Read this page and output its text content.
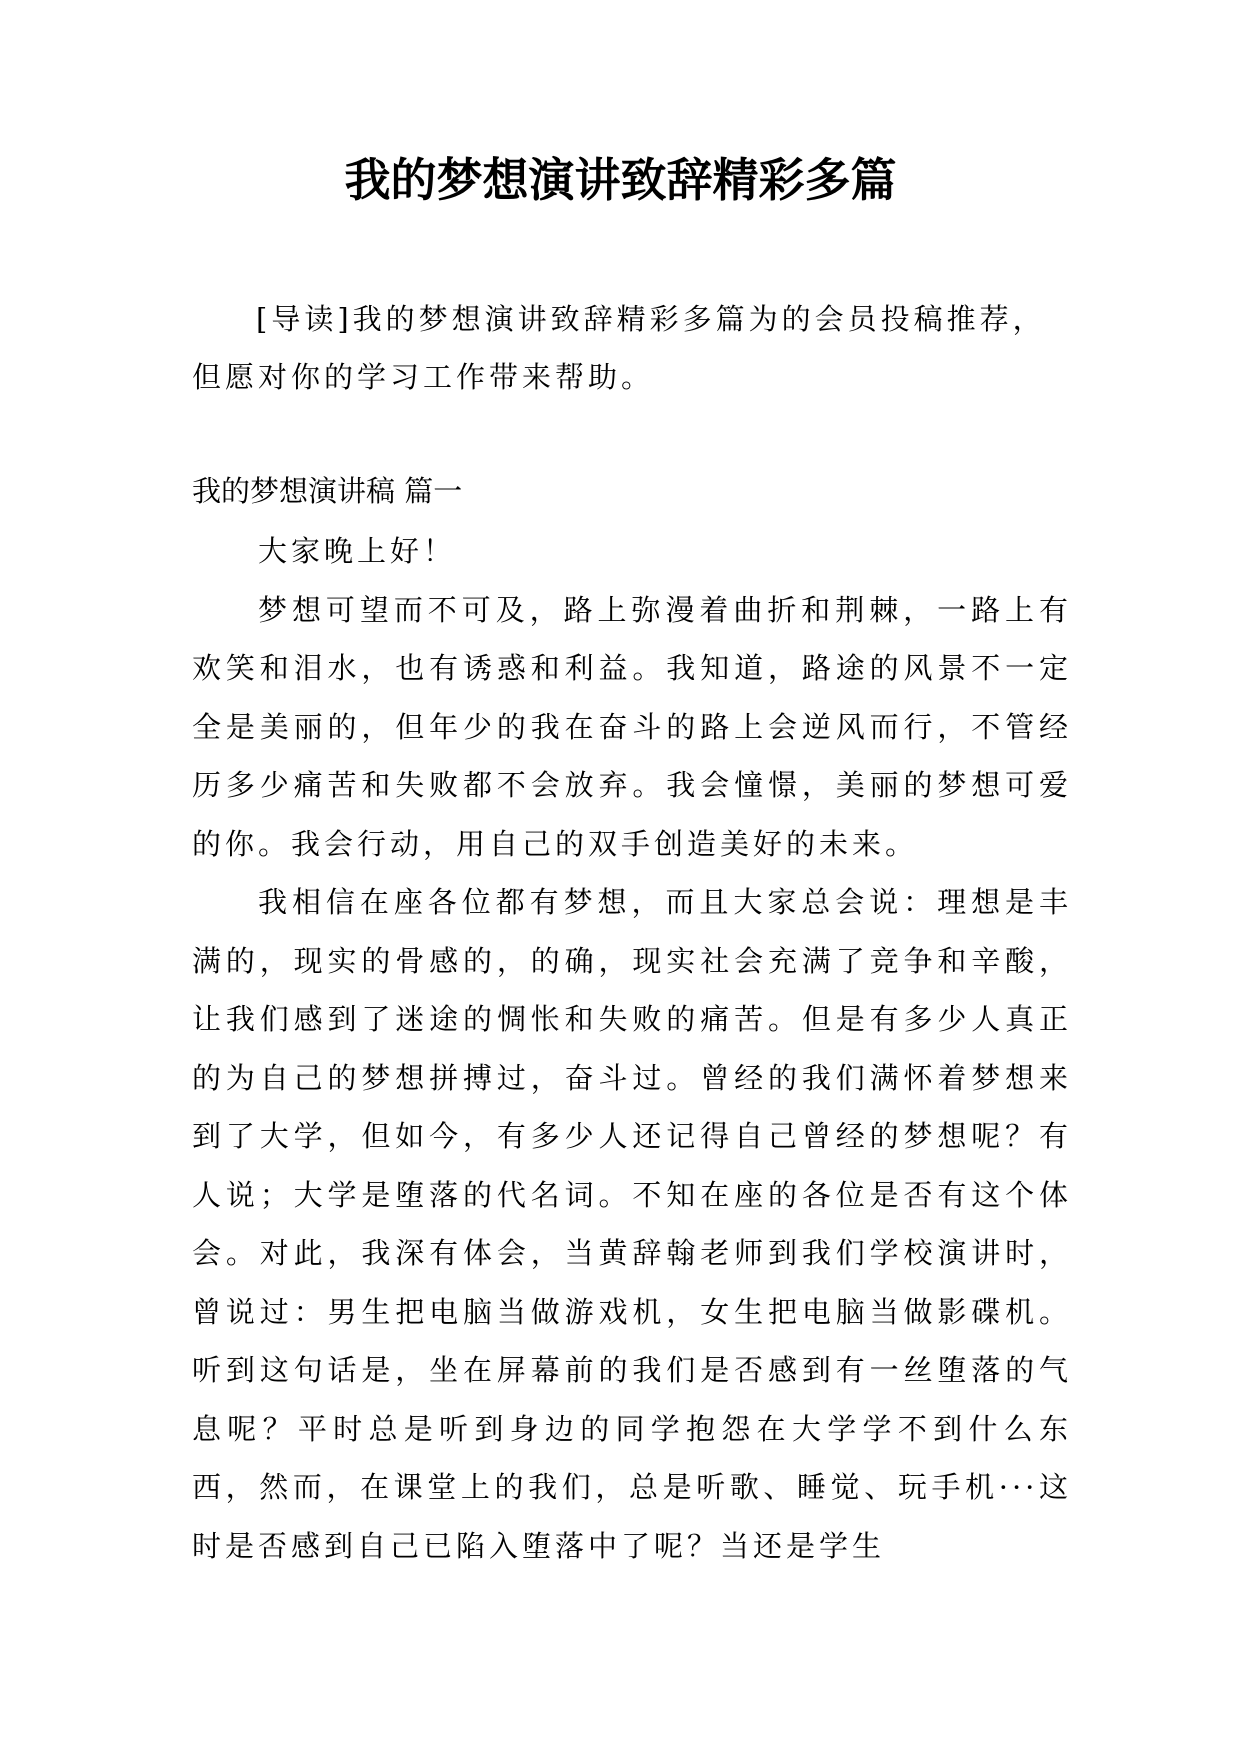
我的梦想演讲致辞精彩多篇

[导读]我的梦想演讲致辞精彩多篇为的会员投稿推荐，但愿对你的学习工作带来帮助。

我的梦想演讲稿 篇一

大家晚上好！

梦想可望而不可及，路上弥漫着曲折和荆棘，一路上有欢笑和泪水，也有诱惑和利益。我知道，路途的风景不一定全是美丽的，但年少的我在奋斗的路上会逆风而行，不管经历多少痛苦和失败都不会放弃。我会憧憬，美丽的梦想可爱的你。我会行动，用自己的双手创造美好的未来。

我相信在座各位都有梦想，而且大家总会说：理想是丰满的，现实的骨感的，的确，现实社会充满了竞争和辛酸，让我们感到了迷途的惆怅和失败的痛苦。但是有多少人真正的为自己的梦想拼搏过，奋斗过。曾经的我们满怀着梦想来到了大学，但如今，有多少人还记得自己曾经的梦想呢？有人说；大学是堕落的代名词。不知在座的各位是否有这个体会。对此，我深有体会，当黄辞翰老师到我们学校演讲时，曾说过：男生把电脑当做游戏机，女生把电脑当做影碟机。听到这句话是，坐在屏幕前的我们是否感到有一丝堕落的气息呢？平时总是听到身边的同学抱怨在大学学不到什么东西，然而，在课堂上的我们，总是听歌、睡觉、玩手机···这时是否感到自己已陷入堕落中了呢？当还是学生
